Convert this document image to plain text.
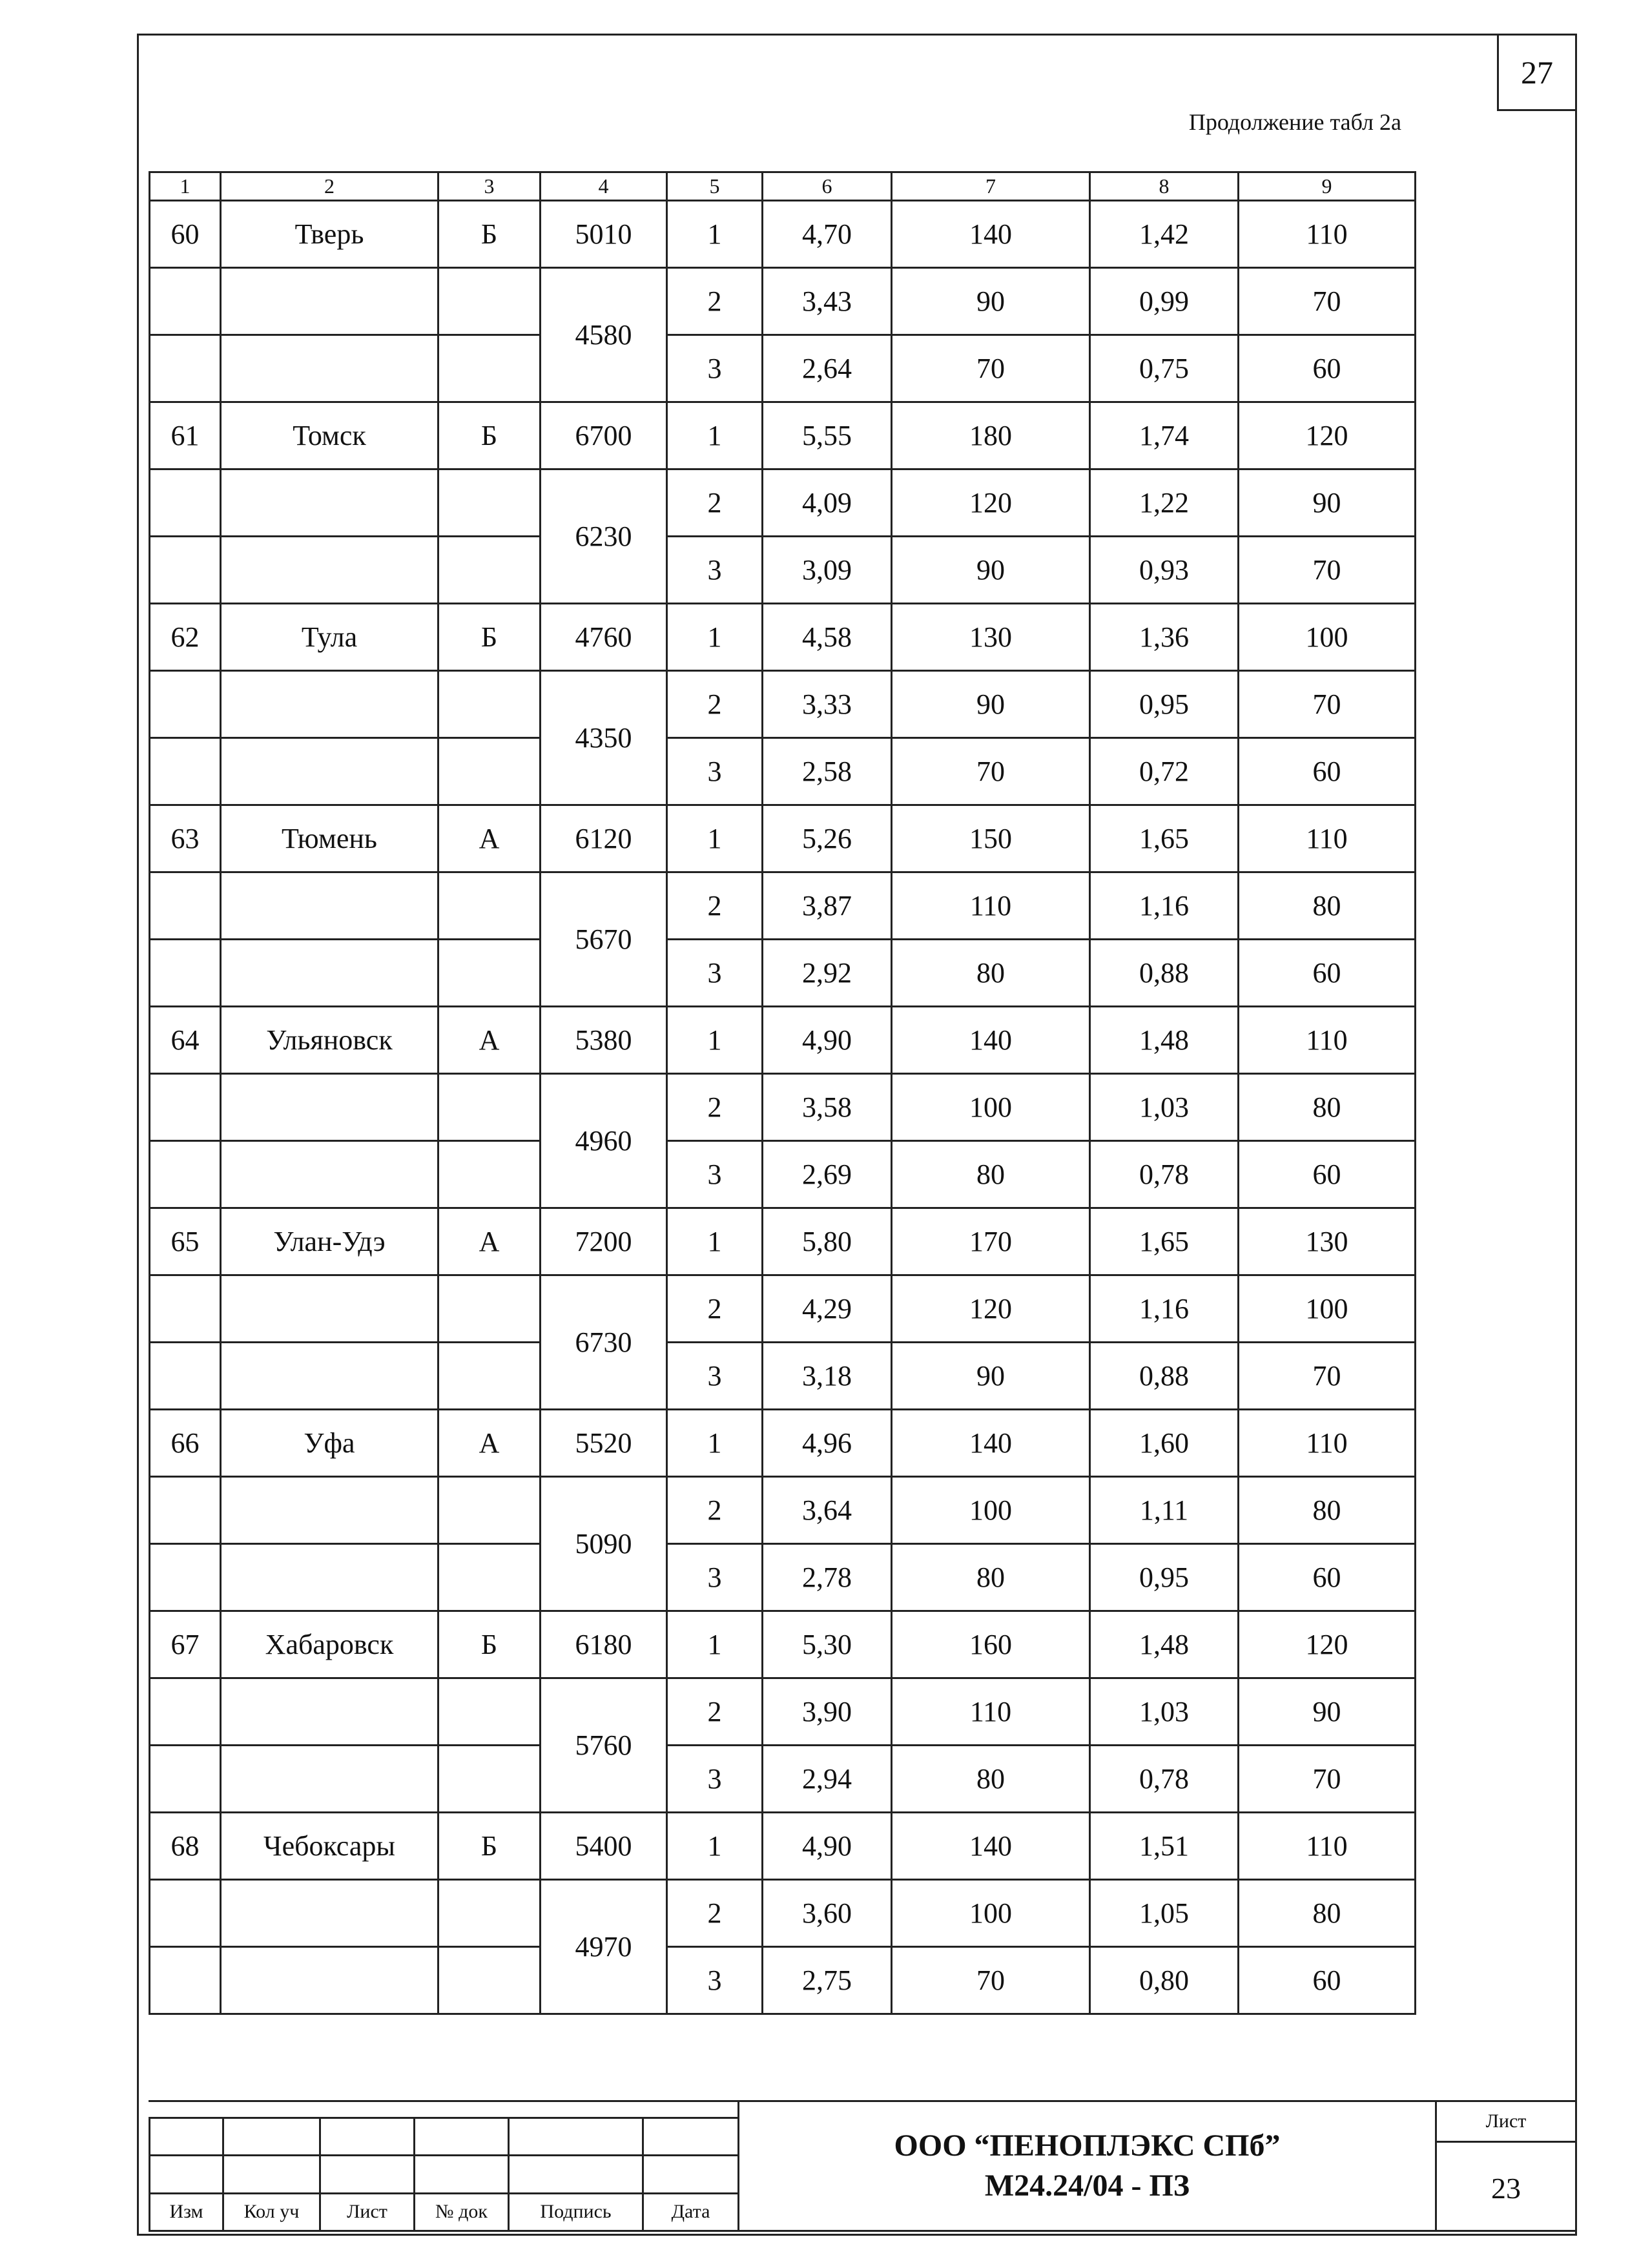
27
Продолжение табл 2а
1	2	3	4	5	6	7	8	9
60	Тверь	Б	5010	1	4,70	140	1,42	110
			4580	2	3,43	90	0,99	70
				3	2,64	70	0,75	60
61	Томск	Б	6700	1	5,55	180	1,74	120
			6230	2	4,09	120	1,22	90
				3	3,09	90	0,93	70
62	Тула	Б	4760	1	4,58	130	1,36	100
			4350	2	3,33	90	0,95	70
				3	2,58	70	0,72	60
63	Тюмень	А	6120	1	5,26	150	1,65	110
			5670	2	3,87	110	1,16	80
				3	2,92	80	0,88	60
64	Ульяновск	А	5380	1	4,90	140	1,48	110
			4960	2	3,58	100	1,03	80
				3	2,69	80	0,78	60
65	Улан-Удэ	А	7200	1	5,80	170	1,65	130
			6730	2	4,29	120	1,16	100
				3	3,18	90	0,88	70
66	Уфа	А	5520	1	4,96	140	1,60	110
			5090	2	3,64	100	1,11	80
				3	2,78	80	0,95	60
67	Хабаровск	Б	6180	1	5,30	160	1,48	120
			5760	2	3,90	110	1,03	90
				3	2,94	80	0,78	70
68	Чебоксары	Б	5400	1	4,90	140	1,51	110
			4970	2	3,60	100	1,05	80
				3	2,75	70	0,80	60

Изм	Кол уч	Лист	№ док	Подпись	Дата
ООО “ПЕНОПЛЭКС СПб”
М24.24/04 - ПЗ
Лист
23
